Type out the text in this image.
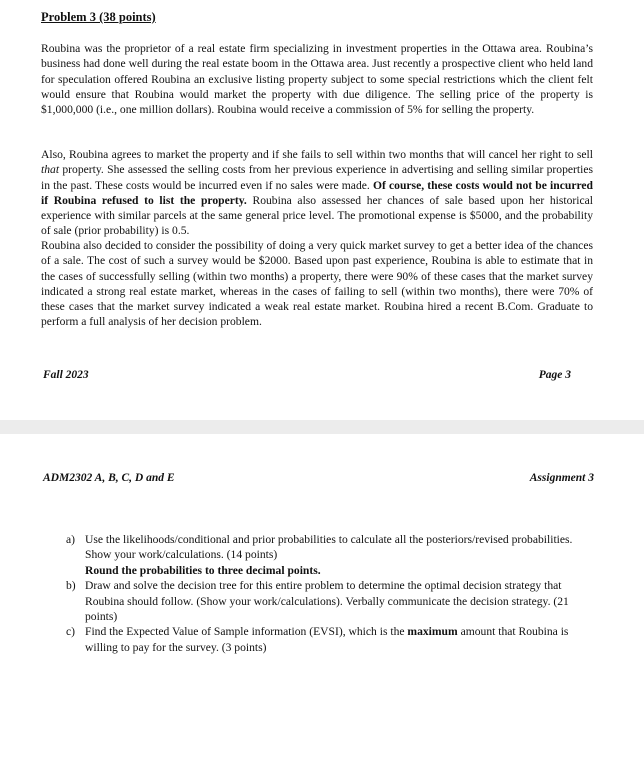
Problem 3 (38 points)

Roubina was the proprietor of a real estate firm specializing in investment properties in the Ottawa area. Roubina’s business had done well during the real estate boom in the Ottawa area. Just recently a prospective client who held land for speculation offered Roubina an exclusive listing property subject to some special restrictions which the client felt would ensure that Roubina would market the property with due diligence. The selling price of the property is $1,000,000 (i.e., one million dollars). Roubina would receive a commission of 5% for selling the property.

Also, Roubina agrees to market the property and if she fails to sell within two months that will cancel her right to sell that property. She assessed the selling costs from her previous experience in advertising and selling similar properties in the past. These costs would be incurred even if no sales were made. Of course, these costs would not be incurred if Roubina refused to list the property. Roubina also assessed her chances of sale based upon her historical experience with similar parcels at the same general price level. The promotional expense is $5000, and the probability of sale (prior probability) is 0.5.

Roubina also decided to consider the possibility of doing a very quick market survey to get a better idea of the chances of a sale. The cost of such a survey would be $2000. Based upon past experience, Roubina is able to estimate that in the cases of successfully selling (within two months) a property, there were 90% of these cases that the market survey indicated a strong real estate market, whereas in the cases of failing to sell (within two months), there were 70% of these cases that the market survey indicated a weak real estate market. Roubina hired a recent B.Com. Graduate to perform a full analysis of her decision problem.

Fall 2023	Page 3
ADM2302 A, B, C, D and E	Assignment 3
a) Use the likelihoods/conditional and prior probabilities to calculate all the posteriors/revised probabilities. Show your work/calculations. (14 points)
Round the probabilities to three decimal points.
b) Draw and solve the decision tree for this entire problem to determine the optimal decision strategy that Roubina should follow. (Show your work/calculations). Verbally communicate the decision strategy. (21 points)
c) Find the Expected Value of Sample information (EVSI), which is the maximum amount that Roubina is willing to pay for the survey. (3 points)
